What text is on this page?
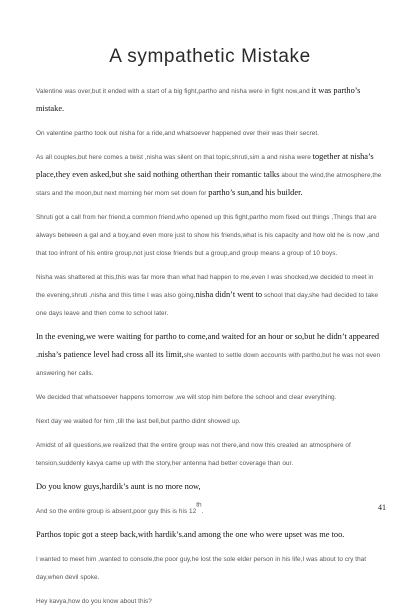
A sympathetic Mistake

Valentine was over,but it ended with a start of a big fight,partho and nisha were in fight now,and it was partho’s mistake.

On valentine partho took out nisha for a ride,and whatsoever happened over their was their secret.

As all couples,but here comes a twist ,nisha was silent on that topic,shruti,sim a and nisha were together at nisha’s place,they even asked,but she said nothing otherthan their romantic talks about the wind,the atmosphere,the stars and the moon,but next morning her mom set down for partho’s sun,and his builder.

Shruti got a call from her friend,a common friend,who opened up this fight,partho mom fixed out things ,Things that are always between a gal and a boy,and even more just to show his friends,what is his capacity and how old he is now ,and that too infront of his entire group,not just close friends but a group,and group means a group of 10 boys.

Nisha was shattered at this,this was far more than what had happen to me,even I was shocked,we decided to meet in the evening,shruti ,nisha and this time I was also going,nisha didn’t went to school that day,she had decided to take one days leave and then come to school later.

In the evening,we were waiting for partho to come,and waited for an hour or so,but he didn’t appeared .nisha’s patience level had cross all its limit,she wanted to settle down accounts with partho,but he was not even answering her calls.

We decided that whatsoever happens tomorrow ,we will stop him before the school and clear everything.

Next day we waited for him ,till the last bell,but partho didnt showed up.

Amidst of all questions,we realized that the entire group was not there,and now this created an atmosphere of tension,suddenly kavya came up with the story,her antenna had better coverage than our.

Do you know guys,hardik’s aunt is no more now,

And so the entire group is absent,poor guy this is his 12th.

Parthos topic got a steep back,with hardik’s.and among the one who were upset was me too.

I wanted to meet him ,wanted to console,the poor guy,he lost the sole elder person in his life,I was about to cry that day,when devil spoke.

Hey kavya,how do you know about this?

41
